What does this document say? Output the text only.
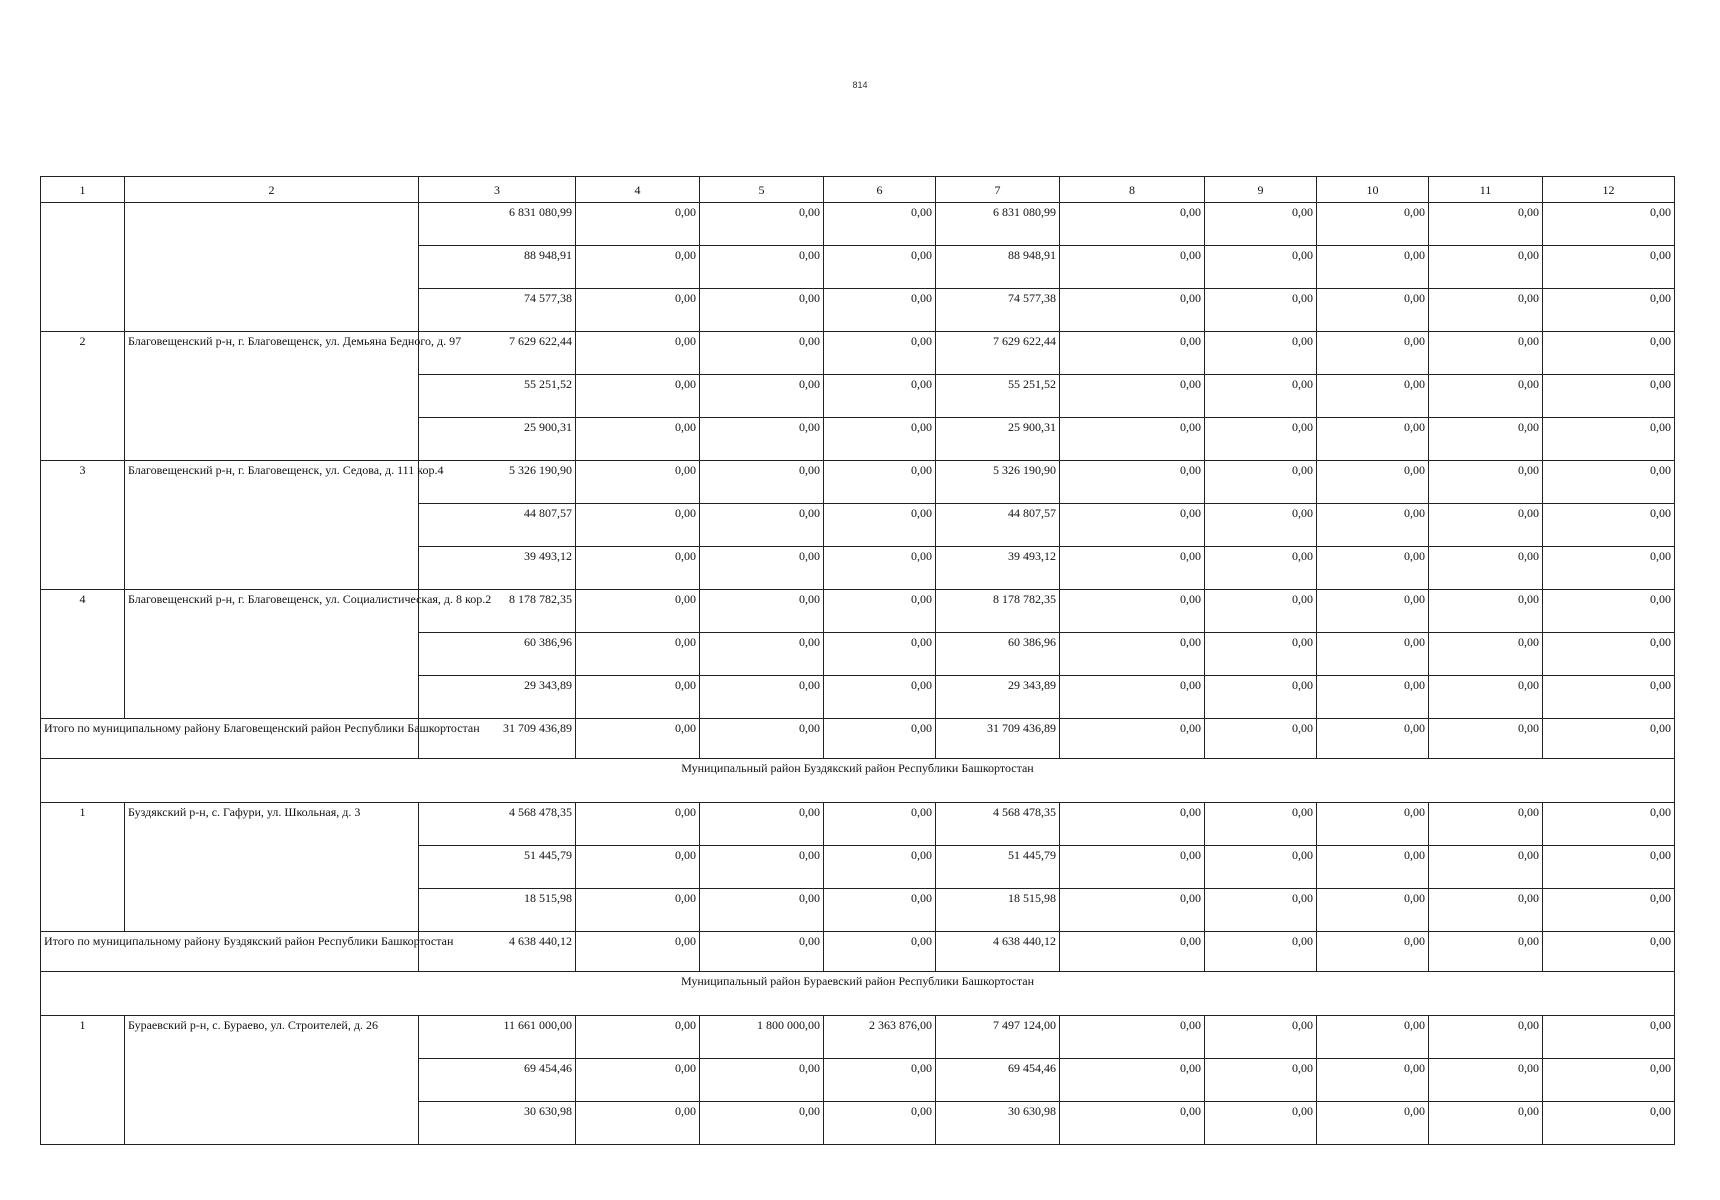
814
1	2	3	4	5	6	7	8	9	10	11	12
		6 831 080,99	0,00	0,00	0,00	6 831 080,99	0,00	0,00	0,00	0,00	0,00
		88 948,91	0,00	0,00	0,00	88 948,91	0,00	0,00	0,00	0,00	0,00
		74 577,38	0,00	0,00	0,00	74 577,38	0,00	0,00	0,00	0,00	0,00
2	Благовещенский р-н, г. Благовещенск, ул. Демьяна Бедного, д. 97	7 629 622,44	0,00	0,00	0,00	7 629 622,44	0,00	0,00	0,00	0,00	0,00
		55 251,52	0,00	0,00	0,00	55 251,52	0,00	0,00	0,00	0,00	0,00
		25 900,31	0,00	0,00	0,00	25 900,31	0,00	0,00	0,00	0,00	0,00
3	Благовещенский р-н, г. Благовещенск, ул. Седова, д. 111 кор.4	5 326 190,90	0,00	0,00	0,00	5 326 190,90	0,00	0,00	0,00	0,00	0,00
		44 807,57	0,00	0,00	0,00	44 807,57	0,00	0,00	0,00	0,00	0,00
		39 493,12	0,00	0,00	0,00	39 493,12	0,00	0,00	0,00	0,00	0,00
4	Благовещенский р-н, г. Благовещенск, ул. Социалистическая, д. 8 кор.2	8 178 782,35	0,00	0,00	0,00	8 178 782,35	0,00	0,00	0,00	0,00	0,00
		60 386,96	0,00	0,00	0,00	60 386,96	0,00	0,00	0,00	0,00	0,00
		29 343,89	0,00	0,00	0,00	29 343,89	0,00	0,00	0,00	0,00	0,00
Итого по муниципальному району Благовещенский район Республики Башкортостан		31 709 436,89	0,00	0,00	0,00	31 709 436,89	0,00	0,00	0,00	0,00	0,00
Муниципальный район Буздякский район Республики Башкортостан											
1	Буздякский р-н, с. Гафури, ул. Школьная, д. 3	4 568 478,35	0,00	0,00	0,00	4 568 478,35	0,00	0,00	0,00	0,00	0,00
		51 445,79	0,00	0,00	0,00	51 445,79	0,00	0,00	0,00	0,00	0,00
		18 515,98	0,00	0,00	0,00	18 515,98	0,00	0,00	0,00	0,00	0,00
Итого по муниципальному району Буздякский район Республики Башкортостан		4 638 440,12	0,00	0,00	0,00	4 638 440,12	0,00	0,00	0,00	0,00	0,00
Муниципальный район Бураевский район Республики Башкортостан											
1	Бураевский р-н, с. Бураево, ул. Строителей, д. 26	11 661 000,00	0,00	1 800 000,00	2 363 876,00	7 497 124,00	0,00	0,00	0,00	0,00	0,00
		69 454,46	0,00	0,00	0,00	69 454,46	0,00	0,00	0,00	0,00	0,00
		30 630,98	0,00	0,00	0,00	30 630,98	0,00	0,00	0,00	0,00	0,00
